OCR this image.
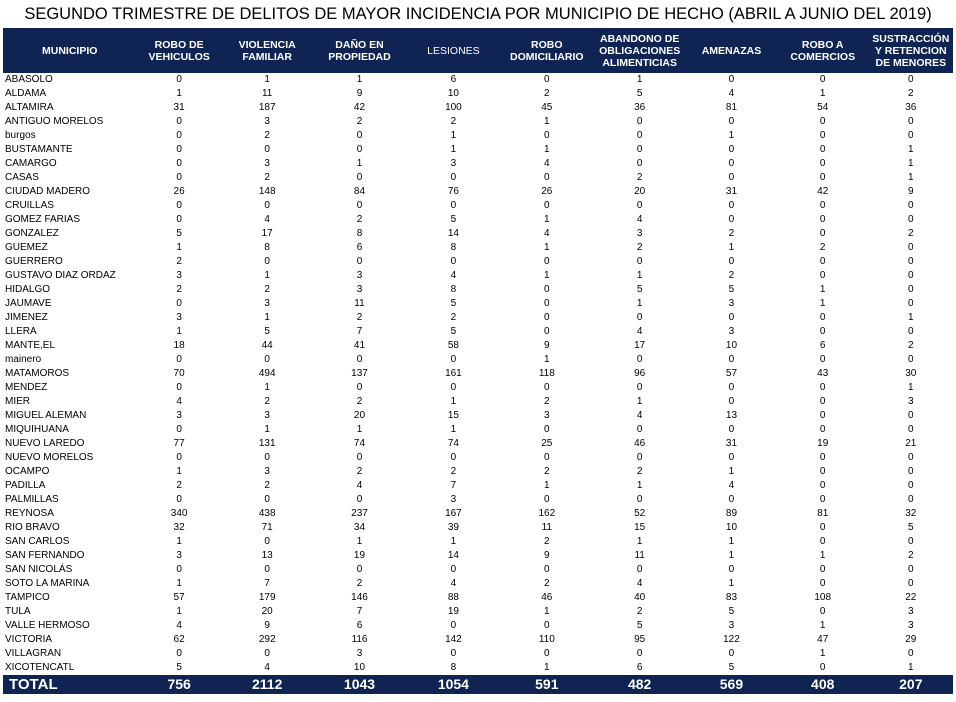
SEGUNDO TRIMESTRE DE DELITOS DE MAYOR INCIDENCIA POR MUNICIPIO DE HECHO (ABRIL A JUNIO DEL 2019)
MUNICIPIO	ROBO DE VEHICULOS	VIOLENCIA FAMILIAR	DAÑO EN PROPIEDAD	LESIONES	ROBO DOMICILIARIO	ABANDONO DE OBLIGACIONES ALIMENTICIAS	AMENAZAS	ROBO A COMERCIOS	SUSTRACCIÓN Y RETENCION DE MENORES
ABASOLO	0	1	1	6	0	1	0	0	0
ALDAMA	1	11	9	10	2	5	4	1	2
ALTAMIRA	31	187	42	100	45	36	81	54	36
ANTIGUO MORELOS	0	3	2	2	1	0	0	0	0
burgos	0	2	0	1	0	0	1	0	0
BUSTAMANTE	0	0	0	1	1	0	0	0	1
CAMARGO	0	3	1	3	4	0	0	0	1
CASAS	0	2	0	0	0	2	0	0	1
CIUDAD MADERO	26	148	84	76	26	20	31	42	9
CRUILLAS	0	0	0	0	0	0	0	0	0
GOMEZ FARIAS	0	4	2	5	1	4	0	0	0
GONZALEZ	5	17	8	14	4	3	2	0	2
GUEMEZ	1	8	6	8	1	2	1	2	0
GUERRERO	2	0	0	0	0	0	0	0	0
GUSTAVO DIAZ ORDAZ	3	1	3	4	1	1	2	0	0
HIDALGO	2	2	3	8	0	5	5	1	0
JAUMAVE	0	3	11	5	0	1	3	1	0
JIMENEZ	3	1	2	2	0	0	0	0	1
LLERA	1	5	7	5	0	4	3	0	0
MANTE,EL	18	44	41	58	9	17	10	6	2
mainero	0	0	0	0	1	0	0	0	0
MATAMOROS	70	494	137	161	118	96	57	43	30
MENDEZ	0	1	0	0	0	0	0	0	1
MIER	4	2	2	1	2	1	0	0	3
MIGUEL ALEMAN	3	3	20	15	3	4	13	0	0
MIQUIHUANA	0	1	1	1	0	0	0	0	0
NUEVO LAREDO	77	131	74	74	25	46	31	19	21
NUEVO MORELOS	0	0	0	0	0	0	0	0	0
OCAMPO	1	3	2	2	2	2	1	0	0
PADILLA	2	2	4	7	1	1	4	0	0
PALMILLAS	0	0	0	3	0	0	0	0	0
REYNOSA	340	438	237	167	162	52	89	81	32
RIO BRAVO	32	71	34	39	11	15	10	0	5
SAN CARLOS	1	0	1	1	2	1	1	0	0
SAN FERNANDO	3	13	19	14	9	11	1	1	2
SAN NICOLÁS	0	0	0	0	0	0	0	0	0
SOTO LA MARINA	1	7	2	4	2	4	1	0	0
TAMPICO	57	179	146	88	46	40	83	108	22
TULA	1	20	7	19	1	2	5	0	3
VALLE HERMOSO	4	9	6	0	0	5	3	1	3
VICTORIA	62	292	116	142	110	95	122	47	29
VILLAGRAN	0	0	3	0	0	0	0	1	0
XICOTENCATL	5	4	10	8	1	6	5	0	1
TOTAL	756	2112	1043	1054	591	482	569	408	207
